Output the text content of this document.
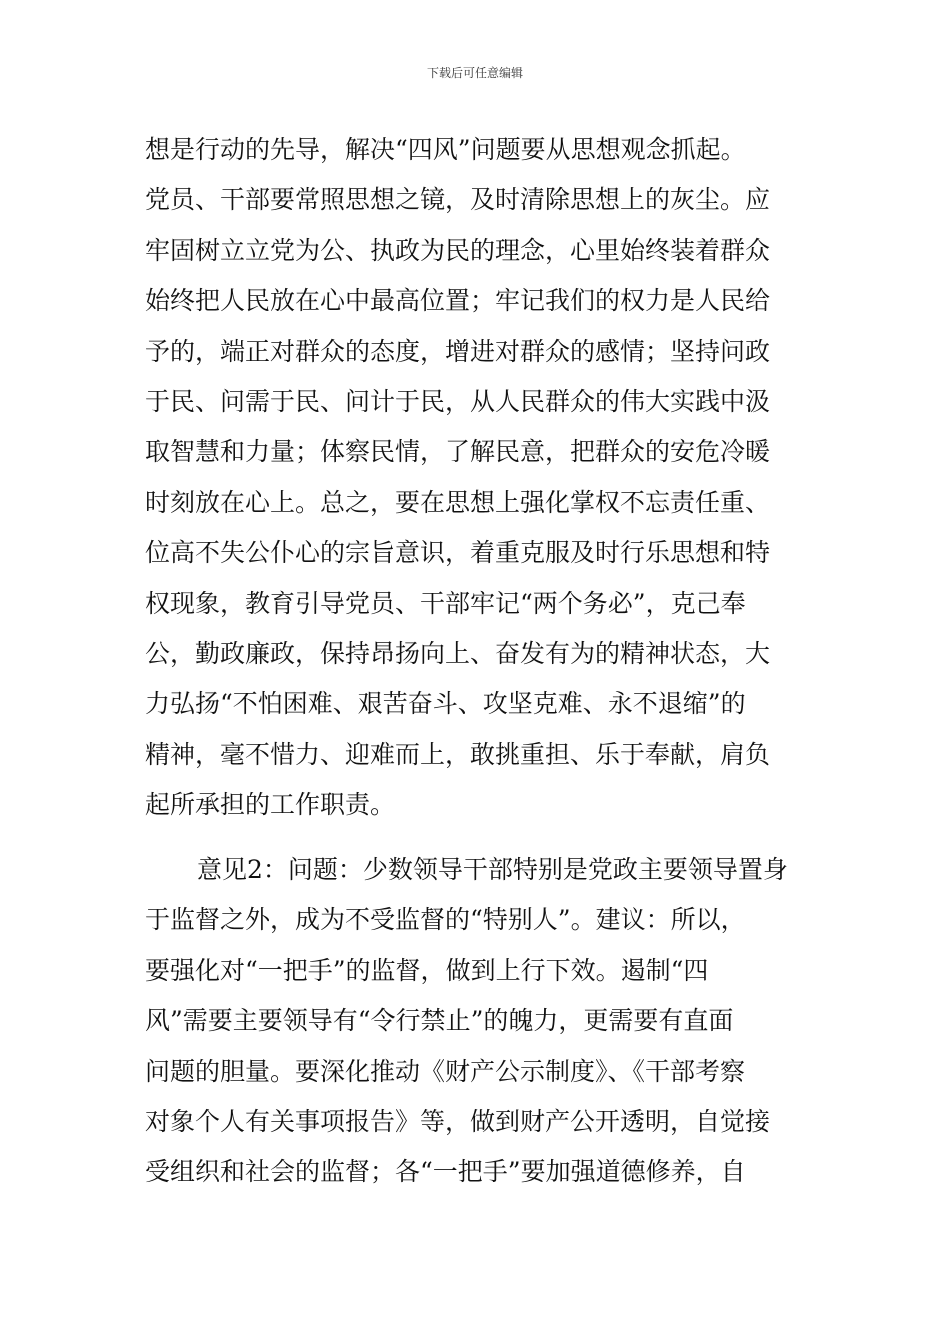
下载后可任意编辑
想是行动的先导，解决“四风”问题要从思想观念抓起。
党员、干部要常照思想之镜，及时清除思想上的灰尘。应
牢固树立立党为公、执政为民的理念，心里始终装着群众
始终把人民放在心中最高位置；牢记我们的权力是人民给
予的，端正对群众的态度，增进对群众的感情；坚持问政
于民、问需于民、问计于民，从人民群众的伟大实践中汲
取智慧和力量；体察民情，了解民意，把群众的安危冷暖
时刻放在心上。总之，要在思想上强化掌权不忘责任重、
位高不失公仆心的宗旨意识，着重克服及时行乐思想和特
权现象，教育引导党员、干部牢记“两个务必”，克己奉
公，勤政廉政，保持昂扬向上、奋发有为的精神状态，大
力弘扬“不怕困难、艰苦奋斗、攻坚克难、永不退缩”的
精神，毫不惜力、迎难而上，敢挑重担、乐于奉献，肩负
起所承担的工作职责。
意见2：问题：少数领导干部特别是党政主要领导置身
于监督之外，成为不受监督的“特别人”。建议：所以，
要强化对“一把手”的监督，做到上行下效。遏制“四
风”需要主要领导有“令行禁止”的魄力，更需要有直面
问题的胆量。要深化推动《财产公示制度》、《干部考察
对象个人有关事项报告》等，做到财产公开透明，自觉接
受组织和社会的监督；各“一把手”要加强道德修养，自
